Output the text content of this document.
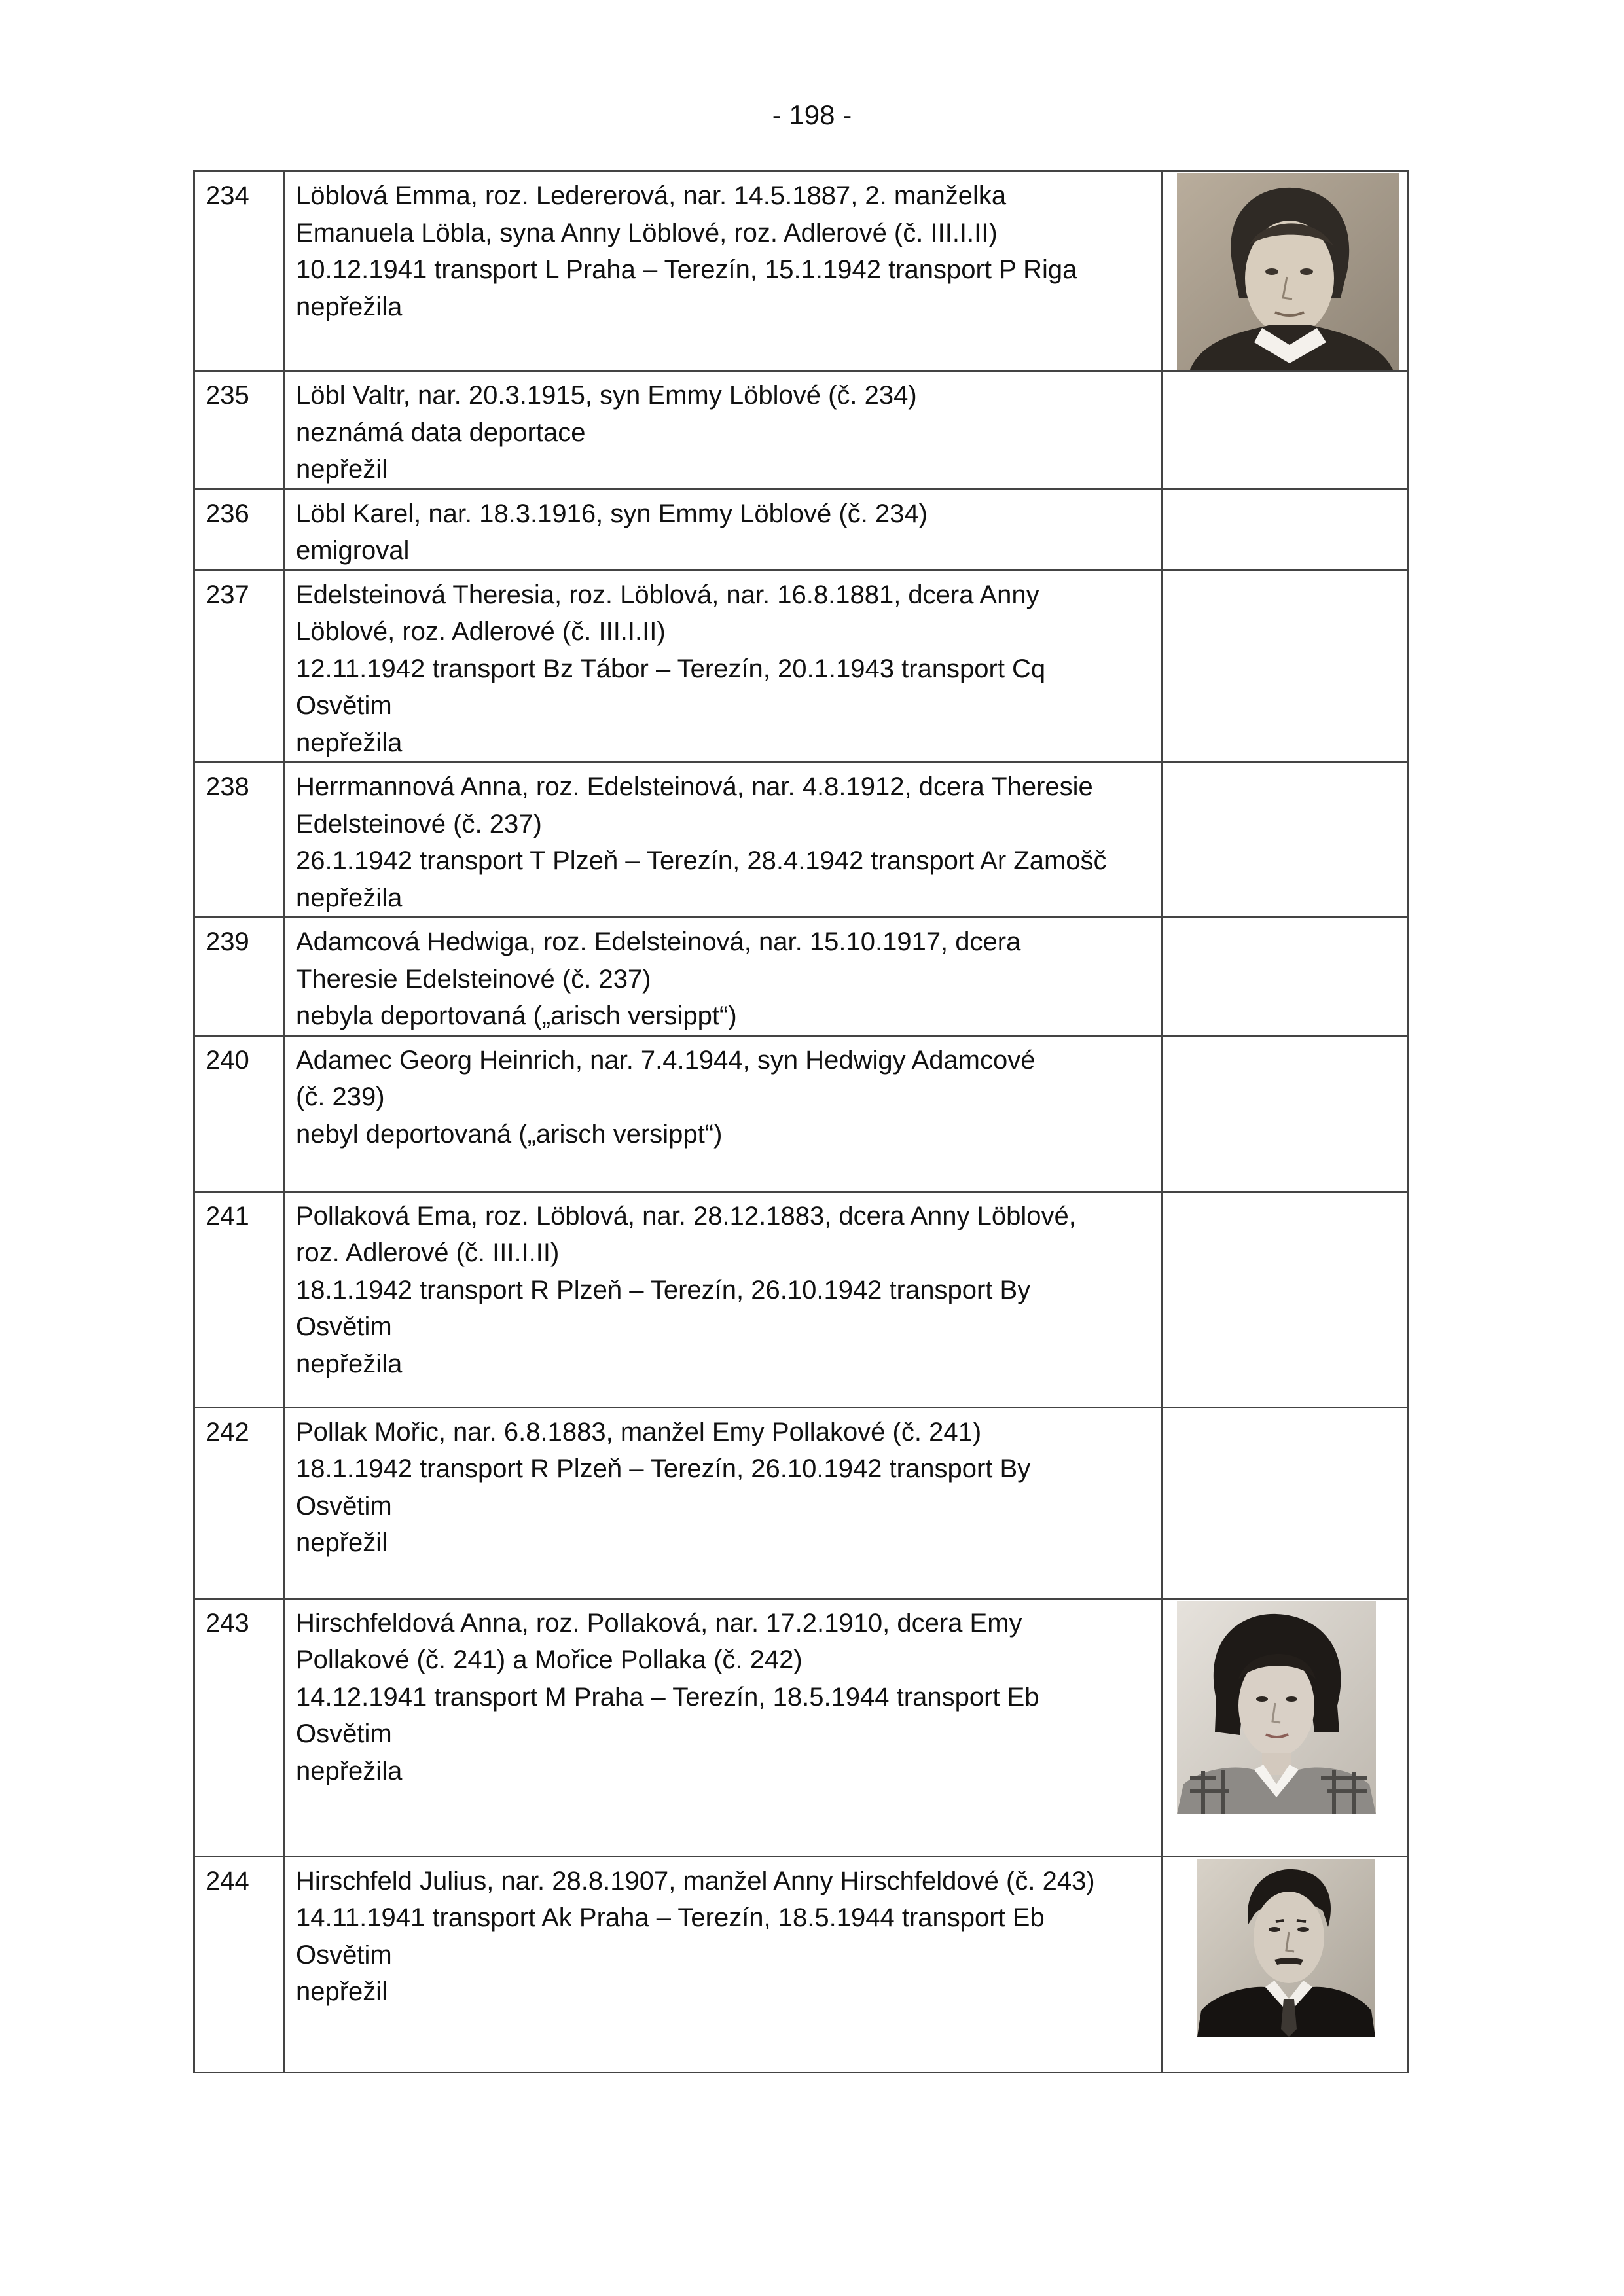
- 198 -
234	Löblová Emma, roz. Ledererová, nar. 14.5.1887, 2. manželka
Emanuela Löbla, syna Anny Löblové, roz. Adlerové (č. III.I.II)
10.12.1941 transport L Praha – Terezín, 15.1.1942 transport P Riga
nepřežila

235	Löbl Valtr, nar. 20.3.1915, syn Emmy Löblové (č. 234)
neznámá data deportace
nepřežil	

236	Löbl Karel, nar. 18.3.1916, syn Emmy Löblové (č. 234)
emigroval	

237	Edelsteinová Theresia, roz. Löblová, nar. 16.8.1881, dcera Anny
Löblové, roz. Adlerové (č. III.I.II)
12.11.1942 transport Bz Tábor – Terezín, 20.1.1943 transport Cq
Osvětim
nepřežila	

238	Herrmannová Anna, roz. Edelsteinová, nar. 4.8.1912, dcera Theresie
Edelsteinové (č. 237)
26.1.1942 transport T Plzeň – Terezín, 28.4.1942 transport Ar Zamošč
nepřežila	

239	Adamcová Hedwiga, roz. Edelsteinová, nar. 15.10.1917, dcera
Theresie Edelsteinové (č. 237)
nebyla deportovaná („arisch versippt“)	

240	Adamec Georg Heinrich, nar. 7.4.1944, syn Hedwigy Adamcové
(č. 239)
nebyl deportovaná („arisch versippt“)	

241	Pollaková Ema, roz. Löblová, nar. 28.12.1883, dcera Anny Löblové,
roz. Adlerové (č. III.I.II)
18.1.1942 transport R Plzeň – Terezín, 26.10.1942 transport By
Osvětim
nepřežila	

242	Pollak Mořic, nar. 6.8.1883, manžel Emy Pollakové (č. 241)
18.1.1942 transport R Plzeň – Terezín, 26.10.1942 transport By
Osvětim
nepřežil	

243	Hirschfeldová Anna, roz. Pollaková, nar. 17.2.1910, dcera Emy
Pollakové (č. 241) a Mořice Pollaka (č. 242)
14.12.1941 transport M Praha – Terezín, 18.5.1944 transport Eb
Osvětim
nepřežila

244	Hirschfeld Julius, nar. 28.8.1907, manžel Anny Hirschfeldové (č. 243)
14.11.1941 transport Ak Praha – Terezín, 18.5.1944 transport Eb
Osvětim
nepřežil
